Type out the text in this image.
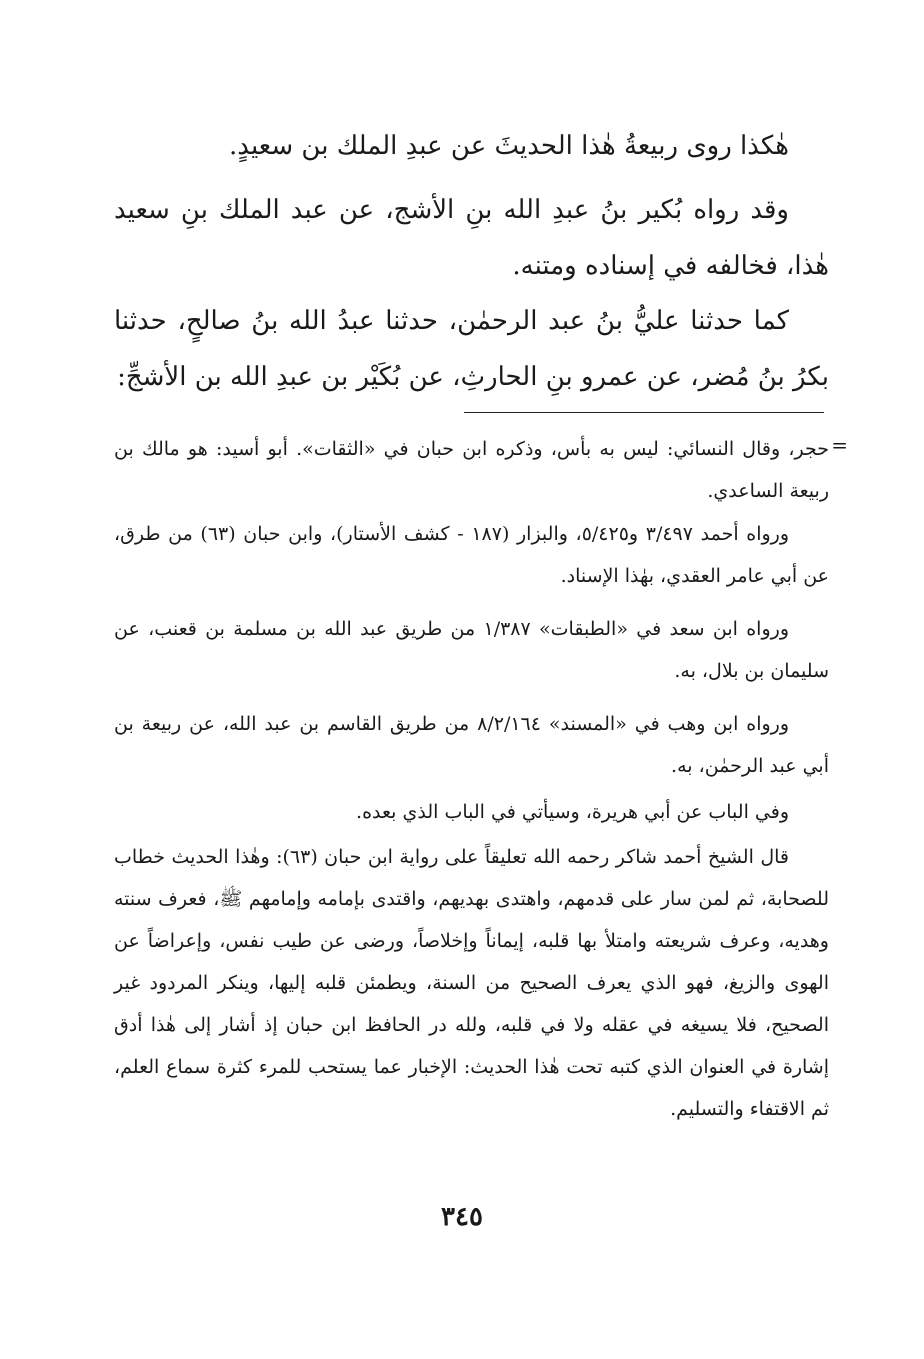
هٰكذا روى ربيعةُ هٰذا الحديثَ عن عبدِ الملك بن سعيدٍ.
وقد رواه بُكير بنُ عبدِ الله بنِ الأشج، عن عبد الملك بنِ سعيد هٰذا، فخالفه في إسناده ومتنه.
كما حدثنا عليُّ بنُ عبد الرحمٰن، حدثنا عبدُ الله بنُ صالحٍ، حدثنا بكرُ بنُ مُضر، عن عمرو بنِ الحارثِ، عن بُكَيْر بن عبدِ الله بن الأشجِّ:
=
حجر، وقال النسائي: ليس به بأس، وذكره ابن حبان في «الثقات». أبو أسيد: هو مالك بن ربيعة الساعدي.
ورواه أحمد ٣/٤٩٧ و٥/٤٢٥، والبزار (١٨٧ - كشف الأستار)، وابن حبان (٦٣) من طرق، عن أبي عامر العقدي، بهٰذا الإسناد.
ورواه ابن سعد في «الطبقات» ١/٣٨٧ من طريق عبد الله بن مسلمة بن قعنب، عن سليمان بن بلال، به.
ورواه ابن وهب في «المسند» ٨/٢/١٦٤ من طريق القاسم بن عبد الله، عن ربيعة بن أبي عبد الرحمٰن، به.
وفي الباب عن أبي هريرة، وسيأتي في الباب الذي بعده.
قال الشيخ أحمد شاكر رحمه الله تعليقاً على رواية ابن حبان (٦٣): وهٰذا الحديث خطاب للصحابة، ثم لمن سار على قدمهم، واهتدى بهديهم، واقتدى بإمامه وإمامهم ﷺ، فعرف سنته وهديه، وعرف شريعته وامتلأ بها قلبه، إيماناً وإخلاصاً، ورضى عن طيب نفس، وإعراضاً عن الهوى والزيغ، فهو الذي يعرف الصحيح من السنة، ويطمئن قلبه إليها، وينكر المردود غير الصحيح، فلا يسيغه في عقله ولا في قلبه، ولله در الحافظ ابن حبان إذ أشار إلى هٰذا أدق إشارة في العنوان الذي كتبه تحت هٰذا الحديث: الإخبار عما يستحب للمرء كثرة سماع العلم، ثم الاقتفاء والتسليم.
٣٤٥
